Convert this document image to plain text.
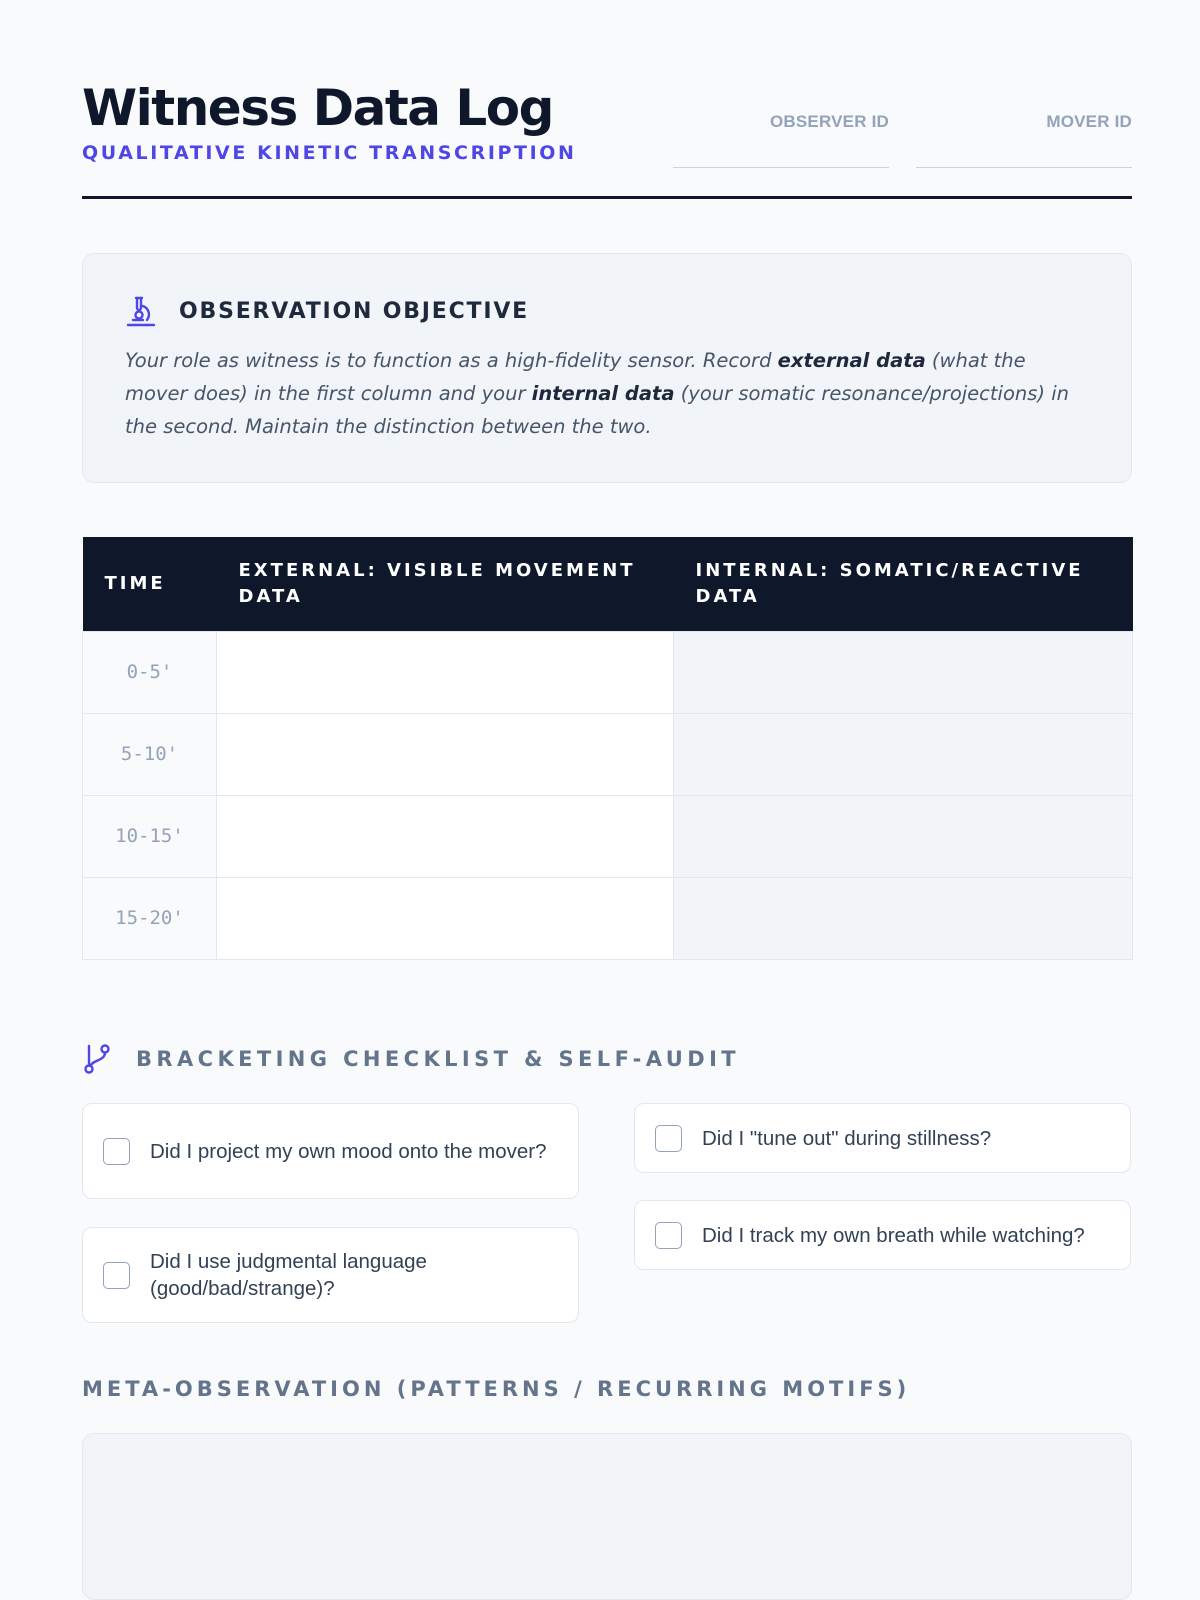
Witness Data Log
QUALITATIVE KINETIC TRANSCRIPTION
OBSERVER ID	MOVER ID
OBSERVATION OBJECTIVE
Your role as witness is to function as a high-fidelity sensor. Record external data (what the mover does) in the first column and your internal data (your somatic resonance/projections) in the second. Maintain the distinction between the two.
TIME	EXTERNAL: VISIBLE MOVEMENT DATA	INTERNAL: SOMATIC/REACTIVE DATA
0-5'		
5-10'		
10-15'		
15-20'		
BRACKETING CHECKLIST & SELF-AUDIT
Did I project my own mood onto the mover?
Did I use judgmental language (good/bad/strange)?
Did I "tune out" during stillness?
Did I track my own breath while watching?
META-OBSERVATION (PATTERNS / RECURRING MOTIFS)
